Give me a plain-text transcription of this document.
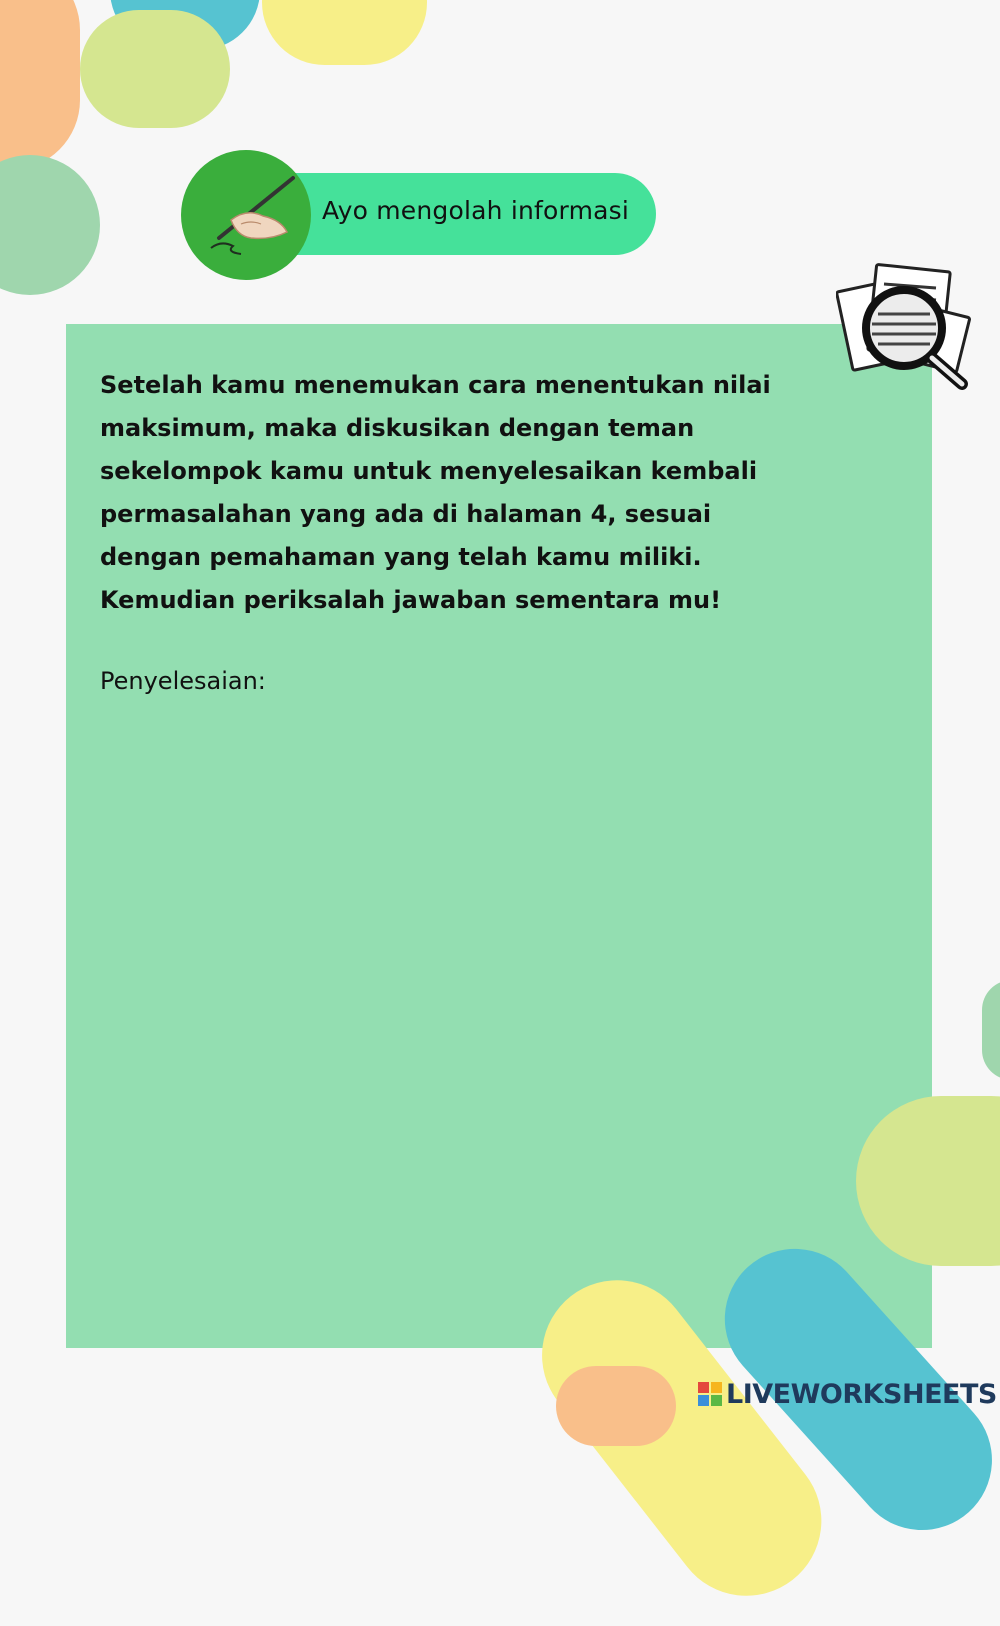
Ayo mengolah informasi
Setelah kamu menemukan cara menentukan nilai maksimum, maka diskusikan dengan teman sekelompok kamu untuk menyelesaikan kembali permasalahan yang ada di halaman 4, sesuai dengan pemahaman yang telah kamu miliki. Kemudian periksalah jawaban sementara mu!
Penyelesaian:
LIVEWORKSHEETS
